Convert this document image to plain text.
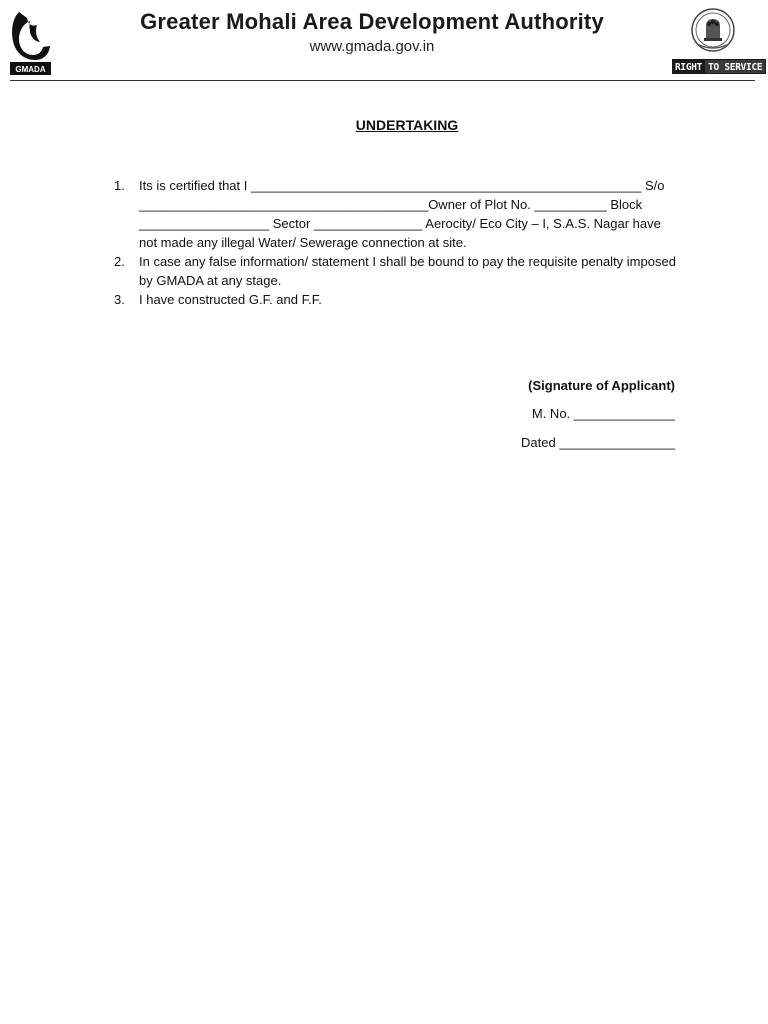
GMADA
Greater Mohali Area Development Authority
www.gmada.gov.in
RIGHT TO SERVICE
UNDERTAKING
1.	Its is certified that I ______________________________________________________ S/o ________________________________________Owner of Plot No. __________ Block __________________ Sector _______________ Aerocity/ Eco City – I, S.A.S. Nagar have not made any illegal Water/ Sewerage connection at site.
2.	In case any false information/ statement I shall be bound to pay the requisite penalty imposed by GMADA at any stage.
3.	I have constructed G.F. and F.F.
(Signature of Applicant)
M. No. ______________
Dated ________________
